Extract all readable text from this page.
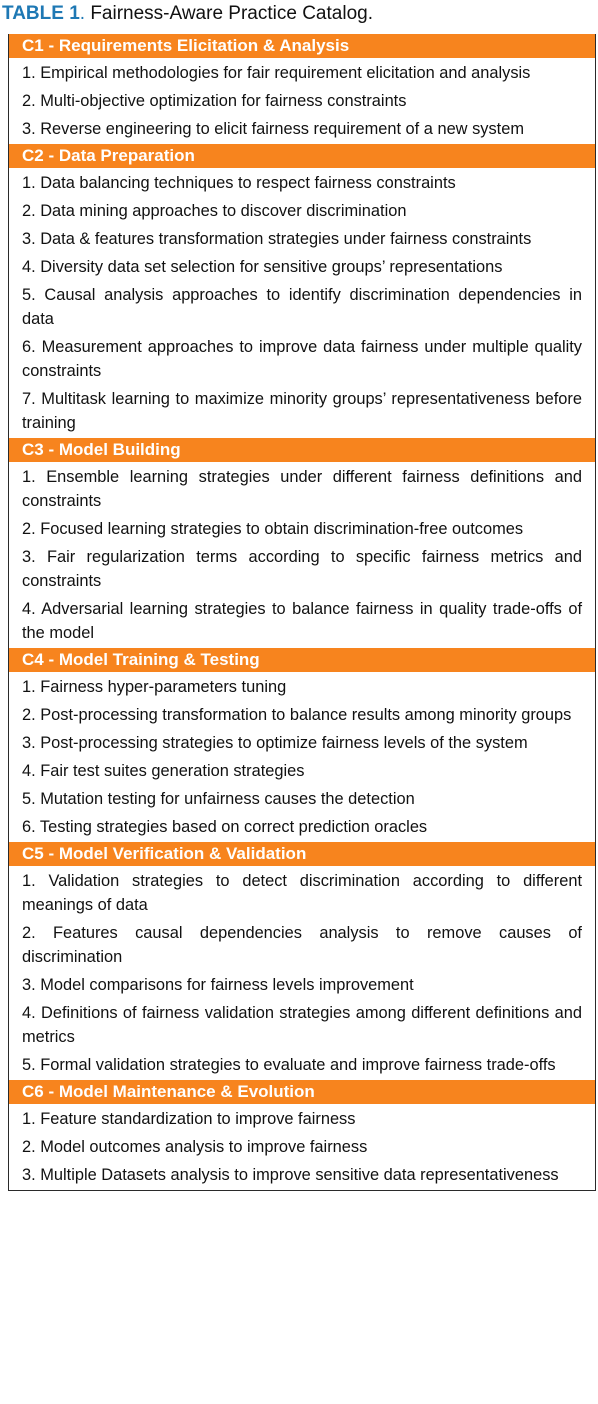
TABLE 1. Fairness-Aware Practice Catalog.
C1 - Requirements Elicitation & Analysis
1. Empirical methodologies for fair requirement elicitation and analysis
2. Multi-objective optimization for fairness constraints
3. Reverse engineering to elicit fairness requirement of a new system
C2 - Data Preparation
1. Data balancing techniques to respect fairness constraints
2. Data mining approaches to discover discrimination
3. Data & features transformation strategies under fairness constraints
4. Diversity data set selection for sensitive groups’ representations
5. Causal analysis approaches to identify discrimination dependencies in data
6. Measurement approaches to improve data fairness under multiple quality constraints
7. Multitask learning to maximize minority groups’ representativeness before training
C3 - Model Building
1. Ensemble learning strategies under different fairness definitions and constraints
2. Focused learning strategies to obtain discrimination-free outcomes
3. Fair regularization terms according to specific fairness metrics and constraints
4. Adversarial learning strategies to balance fairness in quality trade-offs of the model
C4 - Model Training & Testing
1. Fairness hyper-parameters tuning
2. Post-processing transformation to balance results among minority groups
3. Post-processing strategies to optimize fairness levels of the system
4. Fair test suites generation strategies
5. Mutation testing for unfairness causes the detection
6. Testing strategies based on correct prediction oracles
C5 - Model Verification & Validation
1. Validation strategies to detect discrimination according to different meanings of data
2. Features causal dependencies analysis to remove causes of discrimination
3. Model comparisons for fairness levels improvement
4. Definitions of fairness validation strategies among different definitions and metrics
5. Formal validation strategies to evaluate and improve fairness trade-offs
C6 - Model Maintenance & Evolution
1. Feature standardization to improve fairness
2. Model outcomes analysis to improve fairness
3. Multiple Datasets analysis to improve sensitive data representativeness
